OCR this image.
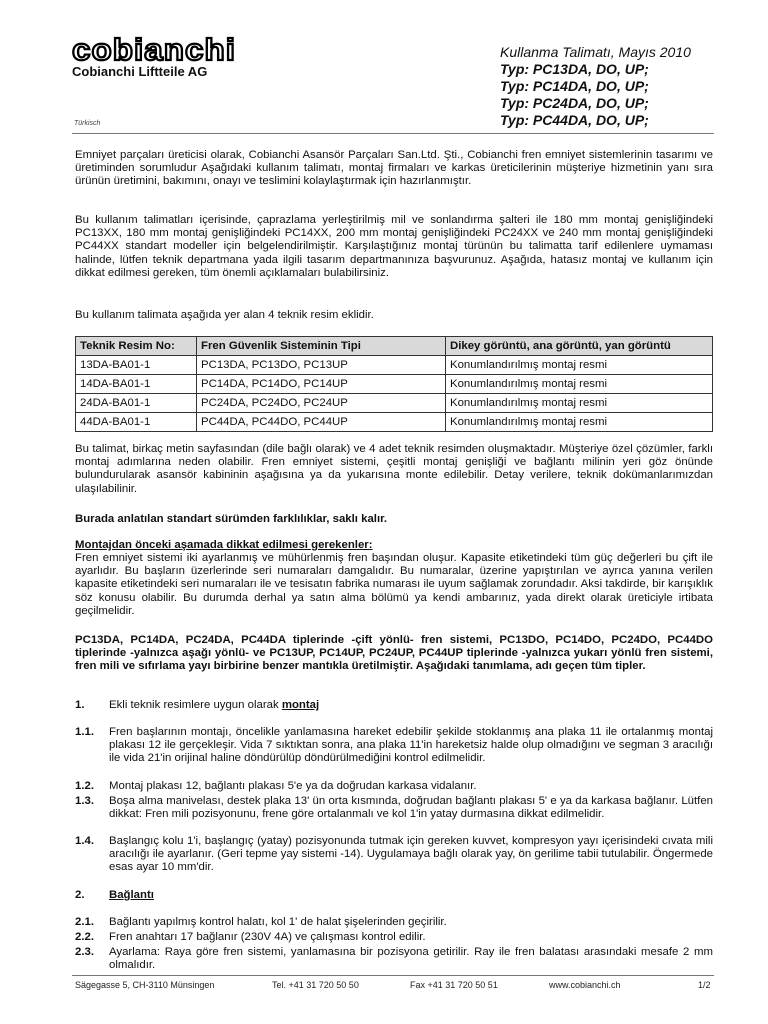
cobianchi
Cobianchi Liftteile AG
Türkisch
Kullanma Talimatı, Mayıs 2010
Typ: PC13DA, DO, UP;
Typ: PC14DA, DO, UP;
Typ: PC24DA, DO, UP;
Typ: PC44DA, DO, UP;
Emniyet parçaları üreticisi olarak, Cobianchi Asansör Parçaları San.Ltd. Şti., Cobianchi fren emniyet sistemlerinin tasarımı ve üretiminden sorumludur Aşağıdaki kullanım talimatı, montaj firmaları ve karkas üreticilerinin müşteriye hizmetinin yanı sıra ürünün üretimini, bakımını, onayı ve teslimini kolaylaştırmak için hazırlanmıştır.
Bu kullanım talimatları içerisinde, çaprazlama yerleştirilmiş mil ve sonlandırma şalteri ile 180 mm montaj genişliğindeki PC13XX, 180 mm montaj genişliğindeki PC14XX, 200 mm montaj genişliğindeki PC24XX ve 240 mm montaj genişliğindeki PC44XX standart modeller için belgelendirilmiştir. Karşılaştığınız montaj türünün bu talimatta tarif edilenlere uymaması halinde, lütfen teknik departmana yada ilgili tasarım departmanınıza başvurunuz. Aşağıda, hatasız montaj ve kullanım için dikkat edilmesi gereken, tüm önemli açıklamaları bulabilirsiniz.
Bu kullanım talimata aşağıda yer alan 4 teknik resim eklidir.
Teknik Resim No:	Fren Güvenlik Sisteminin Tipi	Dikey görüntü, ana görüntü, yan görüntü
13DA-BA01-1	PC13DA, PC13DO, PC13UP	Konumlandırılmış montaj resmi
14DA-BA01-1	PC14DA, PC14DO, PC14UP	Konumlandırılmış montaj resmi
24DA-BA01-1	PC24DA, PC24DO, PC24UP	Konumlandırılmış montaj resmi
44DA-BA01-1	PC44DA, PC44DO, PC44UP	Konumlandırılmış montaj resmi
Bu talimat, birkaç metin sayfasından (dile bağlı olarak) ve 4 adet teknik resimden oluşmaktadır. Müşteriye özel çözümler, farklı montaj adımlarına neden olabilir. Fren emniyet sistemi, çeşitli montaj genişliği ve bağlantı milinin yeri göz önünde bulundurularak asansör kabininin aşağısına ya da yukarısına monte edilebilir. Detay verilere, teknik dokümanlarımızdan ulaşılabilinir.
Burada anlatılan standart sürümden farklılıklar, saklı kalır.
Montajdan önceki aşamada dikkat edilmesi gerekenler:
Fren emniyet sistemi iki ayarlanmış ve mühürlenmiş fren başından oluşur. Kapasite etiketindeki tüm güç değerleri bu çift ile ayarlıdır. Bu başların üzerlerinde seri numaraları damgalıdır. Bu numaralar, üzerine yapıştırılan ve ayrıca yanına verilen kapasite etiketindeki seri numaraları ile ve tesisatın fabrika numarası ile uyum sağlamak zorundadır. Aksi takdirde, bir karışıklık söz konusu olabilir. Bu durumda derhal ya satın alma bölümü ya kendi ambarınız, yada direkt olarak üreticiyle irtibata geçilmelidir.
PC13DA, PC14DA, PC24DA, PC44DA tiplerinde -çift yönlü- fren sistemi, PC13DO, PC14DO, PC24DO, PC44DO tiplerinde -yalnızca aşağı yönlü- ve PC13UP, PC14UP, PC24UP, PC44UP tiplerinde -yalnızca yukarı yönlü fren sistemi, fren mili ve sıfırlama yayı birbirine benzer mantıkla üretilmiştir. Aşağıdaki tanımlama, adı geçen tüm tipler.
1.	Ekli teknik resimlere uygun olarak montaj
1.1.	Fren başlarının montajı, öncelikle yanlamasına hareket edebilir şekilde stoklanmış ana plaka 11 ile ortalanmış montaj plakası 12 ile gerçekleşir. Vida 7 sıktıktan sonra, ana plaka 11'in hareketsiz halde olup olmadığını ve segman 3 aracılığı ile vida 21'in orijinal haline döndürülüp döndürülmediğini kontrol edilmelidir.
1.2.	Montaj plakası 12, bağlantı plakası 5'e ya da doğrudan karkasa vidalanır.
1.3.	Boşa alma manivelası, destek plaka 13' ün orta kısmında, doğrudan bağlantı plakası 5' e ya da karkasa bağlanır. Lütfen dikkat: Fren mili pozisyonunu, frene göre ortalanmalı ve kol 1'in yatay durmasına dikkat edilmelidir.
1.4.	Başlangıç kolu 1'i, başlangıç (yatay) pozisyonunda tutmak için gereken kuvvet, kompresyon yayı içerisindeki cıvata mili aracılığı ile ayarlanır. (Geri tepme yay sistemi -14). Uygulamaya bağlı olarak yay, ön gerilime tabii tutulabilir. Öngermede esas ayar 10 mm'dir.
2.	Bağlantı
2.1.	Bağlantı yapılmış kontrol halatı, kol 1' de halat şişelerinden geçirilir.
2.2.	Fren anahtarı 17 bağlanır (230V 4A) ve çalışması kontrol edilir.
2.3.	Ayarlama: Raya göre fren sistemi, yanlamasına bir pozisyona getirilir. Ray ile fren balatası arasındaki mesafe 2 mm olmalıdır.
Sägegasse 5, CH-3110 Münsingen	Tel. +41 31 720 50 50	Fax +41 31 720 50 51	www.cobianchi.ch	1/2
